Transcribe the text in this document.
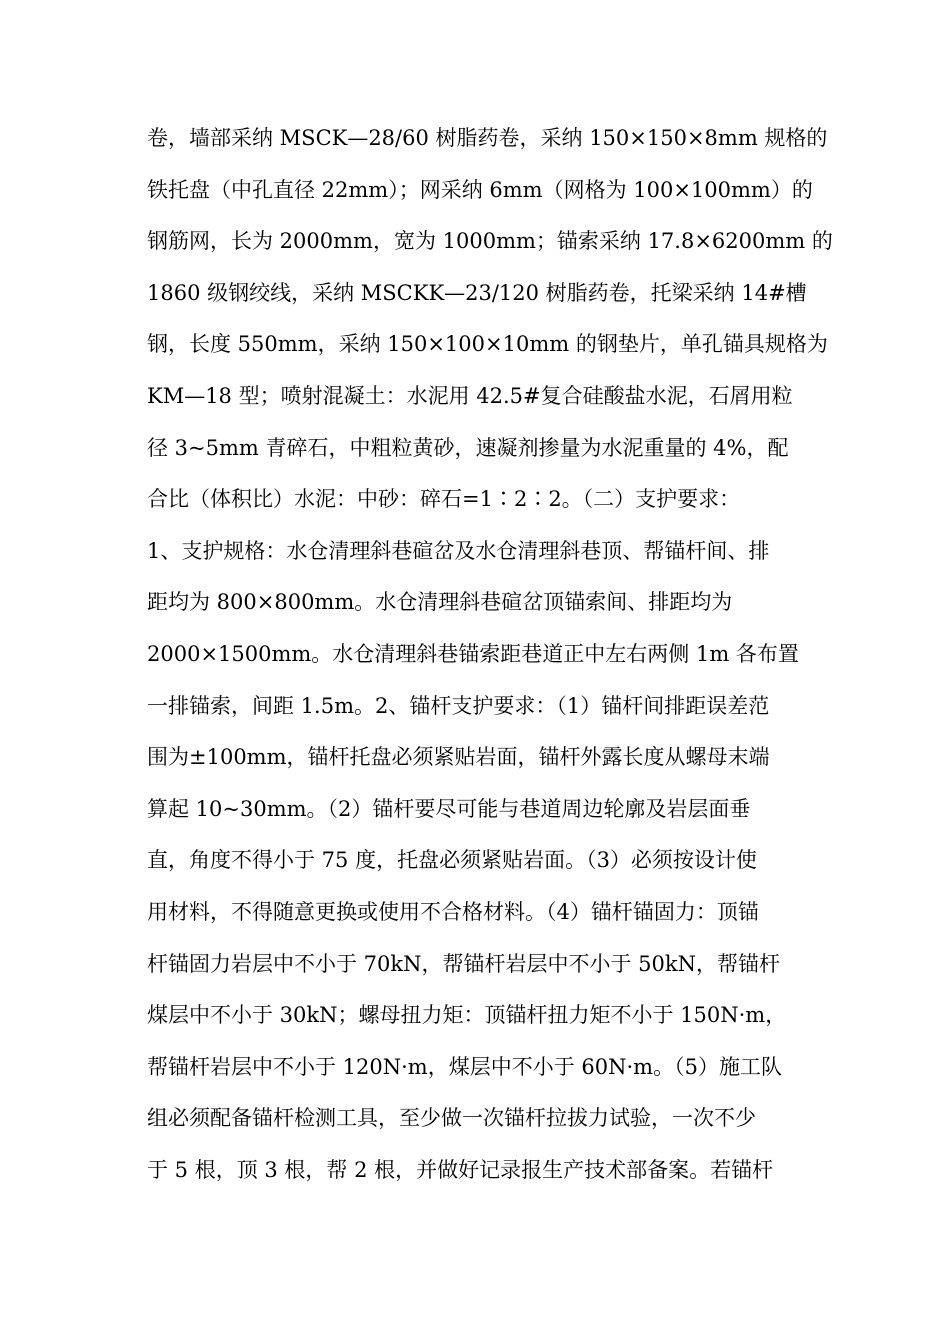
卷，墙部采纳 MSCK—28/60 树脂药卷，采纳 150×150×8mm 规格的
铁托盘（中孔直径 22mm）；网采纳 6mm（网格为 100×100mm）的
钢筋网，长为 2000mm，宽为 1000mm；锚索采纳 17.8×6200mm 的
1860 级钢绞线，采纳 MSCKK—23/120 树脂药卷，托梁采纳 14#槽
钢，长度 550mm，采纳 150×100×10mm 的钢垫片，单孔锚具规格为
KM—18 型；喷射混凝土：水泥用 42.5#复合硅酸盐水泥，石屑用粒
径 3~5mm 青碎石，中粗粒黄砂，速凝剂掺量为水泥重量的 4%，配
合比（体积比）水泥：中砂：碎石=1∶2∶2。（二）支护要求：
1、支护规格：水仓清理斜巷碹岔及水仓清理斜巷顶、帮锚杆间、排
距均为 800×800mm。水仓清理斜巷碹岔顶锚索间、排距均为
2000×1500mm。水仓清理斜巷锚索距巷道正中左右两侧 1m 各布置
一排锚索，间距 1.5m。2、锚杆支护要求：（1）锚杆间排距误差范
围为±100mm，锚杆托盘必须紧贴岩面，锚杆外露长度从螺母末端
算起 10~30mm。（2）锚杆要尽可能与巷道周边轮廓及岩层面垂
直，角度不得小于 75 度，托盘必须紧贴岩面。（3）必须按设计使
用材料，不得随意更换或使用不合格材料。（4）锚杆锚固力：顶锚
杆锚固力岩层中不小于 70kN，帮锚杆岩层中不小于 50kN，帮锚杆
煤层中不小于 30kN；螺母扭力矩：顶锚杆扭力矩不小于 150N·m，
帮锚杆岩层中不小于 120N·m，煤层中不小于 60N·m。（5）施工队
组必须配备锚杆检测工具，至少做一次锚杆拉拔力试验，一次不少
于 5 根，顶 3 根，帮 2 根，并做好记录报生产技术部备案。若锚杆
